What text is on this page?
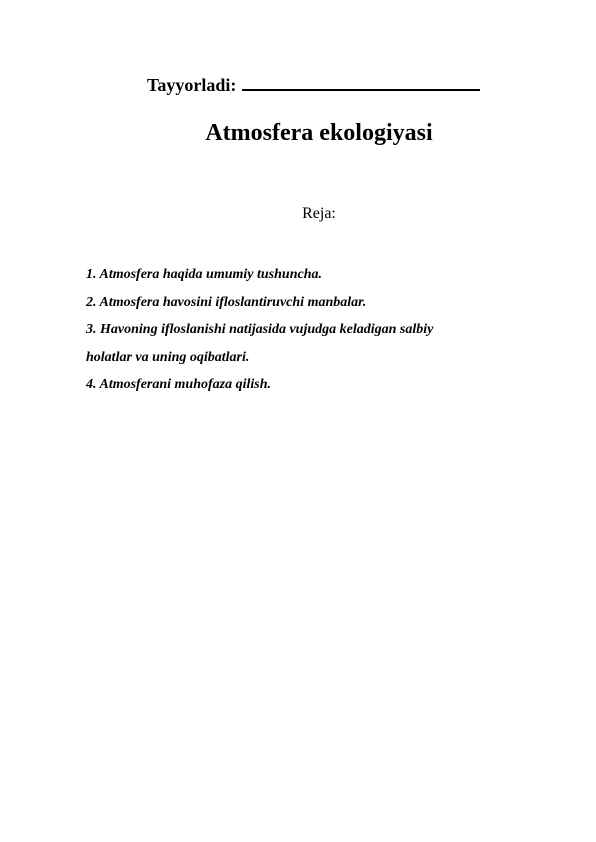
Tayyorladi:
Atmosfera ekologiyasi
Reja:
1. Atmosfera haqida umumiy tushuncha.
2. Atmosfera havosini ifloslantiruvchi manbalar.
3. Havoning ifloslanishi natijasida vujudga keladigan salbiy
holatlar va uning oqibatlari.
4. Atmosferani muhofaza qilish.
